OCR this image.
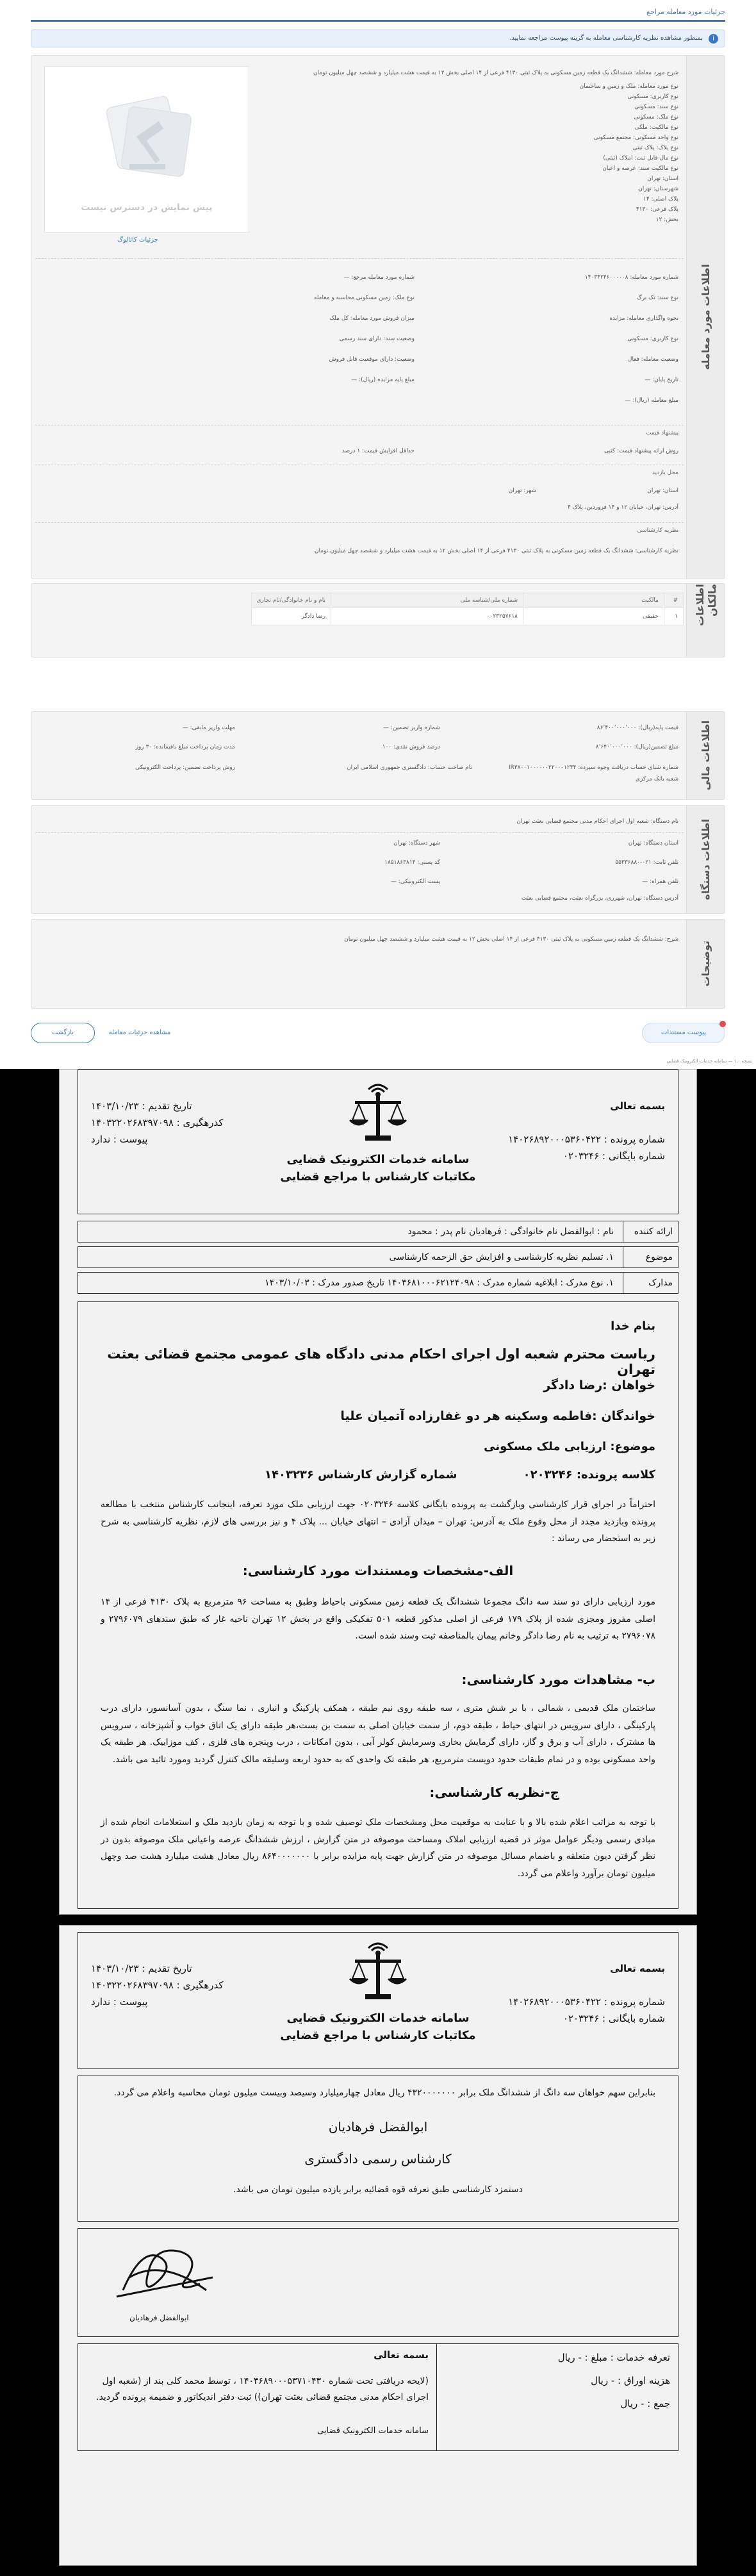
جزئیات مورد معامله مراجع
i
بمنظور مشاهده نظریه کارشناسی معامله به گزینه پیوست مراجعه نمایید.
اطلاعات مورد معامله
پیش نمایش در دسترس نیست
جزئیات کاتالوگ
شرح مورد معامله: ششدانگ یک قطعه زمین مسکونی به پلاک ثبتی ۴۱۳۰ فرعی از ۱۴ اصلی بخش ۱۲ به قیمت هشت میلیارد و ششصد چهل میلیون تومان
نوع مورد معامله: ملک و زمین و ساختمان
نوع کاربری: مسکونی
نوع سند: مسکونی
نوع ملک: مسکونی
نوع مالکیت: ملکی
نوع واحد مسکونی: مجتمع مسکونی
نوع پلاک: پلاک ثبتی
نوع مال قابل ثبت: املاک (ثبتی)
نوع مالکیت سند: عرصه و اعیان
استان: تهران
شهرستان: تهران
پلاک اصلی: ۱۴
پلاک فرعی: ۴۱۳۰
بخش: ۱۲
شماره مورد معامله: ۱۴۰۳۴۲۴۶۰۰۰۰۰۸
نوع سند: تک برگ
نحوه واگذاری معامله: مزایده
نوع کاربری: مسکونی
وضعیت معامله: فعال
تاریخ پایان: —
مبلغ معامله (ریال): —
شماره مورد معامله مرجع: —
نوع ملک: زمین مسکونی محاسبه و معامله
میزان فروش مورد معامله: کل ملک
وضعیت سند: دارای سند رسمی
وضعیت: دارای موقعیت قابل فروش
مبلغ پایه مزایده (ریال): —
پیشنهاد قیمت
روش ارائه پیشنهاد قیمت: کتبی
حداقل افزایش قیمت: ۱ درصد
محل بازدید
استان: تهران
شهر: تهران
آدرس: تهران، خیابان ۱۲ و ۱۴ فروردین، پلاک ۴
نظریه کارشناسی
نظریه کارشناسی: ششدانگ یک قطعه زمین مسکونی به پلاک ثبتی ۴۱۳۰ فرعی از ۱۴ اصلی بخش ۱۲ به قیمت هشت میلیارد و ششصد چهل میلیون تومان
اطلاعات مالکان
#	مالکیت	شماره ملی/شناسه ملی	نام و نام خانوادگی/نام تجاری
۱	حقیقی	۰۰۲۳۲۵۷۶۱۸	رضا دادگر
اطلاعات مالی
قیمت پایه(ریال): ۸۶٬۴۰۰٬۰۰۰٬۰۰۰
مبلغ تضمین(ریال): ۸٬۶۴۰٬۰۰۰٬۰۰۰
شماره شبای حساب دریافت وجوه سپرده: IR۳۸۰۰۱۰۰۰۰۰۰۲۲۰۰۰۱۲۳۴
شعبه بانک مرکزی
شماره واریز تضمین: —
درصد فروش نقدی: ۱۰۰
نام صاحب حساب: دادگستری جمهوری اسلامی ایران
مهلت واریز مابقی: —
مدت زمان پرداخت مبلغ باقیمانده: ۳۰ روز
روش پرداخت تضمین: پرداخت الکترونیکی
اطلاعات دستگاه
نام دستگاه: شعبه اول اجرای احکام مدنی مجتمع قضایی بعثت تهران
استان دستگاه: تهران
تلفن ثابت: ۰۲۱-۵۵۳۳۶۸۸۰
تلفن همراه: —
آدرس دستگاه: تهران، شهرری، بزرگراه بعثت، مجتمع قضایی بعثت
شهر دستگاه: تهران
کد پستی: ۱۸۵۱۸۶۳۸۱۴
پست الکترونیکی: —
توضیحات
شرح: ششدانگ یک قطعه زمین مسکونی به پلاک ثبتی ۴۱۳۰ فرعی از ۱۴ اصلی بخش ۱۲ به قیمت هشت میلیارد و ششصد چهل میلیون تومان
پیوست مستندات
بازگشت	مشاهده جزئیات معامله
نسخه ۱.۰ — سامانه خدمات الکترونیک قضایی
بسمه تعالی
شماره پرونده : ۱۴۰۲۶۸۹۲۰۰۰۵۳۶۰۴۲۲
شماره بایگانی : ۰۲۰۳۲۴۶
تاریخ تقدیم : ۱۴۰۳/۱۰/۲۳
کدرهگیری : ۱۴۰۳۲۲۰۲۶۸۳۹۷۰۹۸
پیوست : ندارد
سامانه خدمات الکترونیک قضایی
مکاتبات کارشناس با مراجع قضایی
ارائه کننده
نام : ابوالفضل نام خانوادگی : فرهادیان نام پدر : محمود
موضوع
۱. تسلیم نظریه کارشناسی و افزایش حق الزحمه کارشناسی
مدارک
۱. نوع مدرک : ابلاغیه شماره مدرک : ۱۴۰۳۶۸۱۰۰۰۶۲۱۲۴۰۹۸ تاریخ صدور مدرک : ۱۴۰۳/۱۰/۰۳
بنام خدا
ریاست محترم شعبه اول اجرای احکام مدنی دادگاه های عمومی مجتمع قضائی بعثت تهران
خواهان :رضا دادگر
خواندگان :فاطمه وسکینه هر دو غفارزاده آتمیان علیا
موضوع: ارزیابی ملک مسکونی
کلاسه پرونده: ۰۲۰۳۲۴۶
شماره گزارش کارشناس ۱۴۰۳۲۳۶
احتراماً در اجرای قرار کارشناسی وبازگشت به پرونده بایگانی کلاسه ۰۲۰۳۲۴۶ جهت ارزیابی ملک مورد تعرفه، اینجانب کارشناس منتخب با مطالعه پرونده وبازدید مجدد از محل وقوع ملک به آدرس: تهران – میدان آزادی – انتهای خیابان ... پلاک ۴ و نیز بررسی های لازم، نظریه کارشناسی به شرح زیر به استحضار می رساند :
الف-مشخصات ومستندات مورد کارشناسی:
مورد ارزیابی دارای دو سند سه دانگ مجموعا ششدانگ یک قطعه زمین مسکونی باحیاط وطبق به مساحت ۹۶ مترمربع به پلاک ۴۱۳۰ فرعی از ۱۴ اصلی مفروز ومجزی شده از پلاک ۱۷۹ فرعی از اصلی مذکور قطعه ۵۰۱ تفکیکی واقع در بخش ۱۲ تهران ناحیه غار که طبق سندهای ۲۷۹۶۰۷۹ و ۲۷۹۶۰۷۸ به ترتیب به نام رضا دادگر وخانم پیمان بالمناصفه ثبت وسند شده است.
ب- مشاهدات مورد کارشناسی:
ساختمان ملک قدیمی ، شمالی ، با بر شش متری ، سه طبقه روی نیم طبقه ، همکف پارکینگ و انباری ، نما سنگ ، بدون آسانسور، دارای درب پارکینگی ، دارای سرویس در انتهای حیاط ، طبقه دوم، از سمت خیابان اصلی به سمت بن بست،هر طبقه دارای یک اتاق خواب و آشپزخانه ، سرویس ها مشترک ، دارای آب و برق و گاز، دارای گرمایش بخاری وسرمایش کولر آبی ، بدون امکانات ، درب وپنجره های فلزی ، کف موزاییک. هر طبقه یک واحد مسکونی بوده و در تمام طبقات حدود دویست مترمربع، هر طبقه تک واحدی که به حدود اربعه وسلیقه مالک کنترل گردید ومورد تائید می باشد.
ج-نظریه کارشناسی:
با توجه به مراتب اعلام شده بالا و با عنایت به موقعیت محل ومشخصات ملک توصیف شده و با توجه به زمان بازدید ملک و استعلامات انجام شده از مبادی رسمی ودیگر عوامل موثر در قضیه ارزیابی املاک ومساحت موصوفه در متن گزارش ، ارزش ششدانگ عرصه واعیانی ملک موصوفه بدون در نظر گرفتن دیون متعلقه و باضمام مسائل موصوفه در متن گزارش جهت پایه مزایده برابر با ۸۶۴۰۰۰۰۰۰۰ ریال معادل هشت میلیارد هشت صد وچهل میلیون تومان برآورد واعلام می گردد.
بسمه تعالی
شماره پرونده : ۱۴۰۲۶۸۹۲۰۰۰۵۳۶۰۴۲۲
شماره بایگانی : ۰۲۰۳۲۴۶
تاریخ تقدیم : ۱۴۰۳/۱۰/۲۳
کدرهگیری : ۱۴۰۳۲۲۰۲۶۸۳۹۷۰۹۸
پیوست : ندارد
سامانه خدمات الکترونیک قضایی
مکاتبات کارشناس با مراجع قضایی
بنابراین سهم خواهان سه دانگ از ششدانگ ملک برابر ۴۳۲۰۰۰۰۰۰۰ ریال معادل چهارمیلیارد وسیصد وبیست میلیون تومان محاسبه واعلام می گردد.
ابوالفضل فرهادیان
کارشناس رسمی دادگستری
دستمزد کارشناسی طبق تعرفه قوه قضائیه برابر یازده میلیون تومان می باشد.
ابوالفضل فرهادیان
بسمه تعالی
(لایحه دریافتی تحت شماره ۱۴۰۳۶۸۹۰۰۰۵۳۷۱۰۴۳۰ ، توسط محمد کلی بند از (شعبه اول اجرای احکام مدنی مجتمع قضائی بعثت تهران)) ثبت دفتر اندیکاتور و ضمیمه پرونده گردید.
سامانه خدمات الکترونیک قضایی
تعرفه خدمات : مبلغ : - ریال
هزینه اوراق : - ریال
جمع : - ریال
